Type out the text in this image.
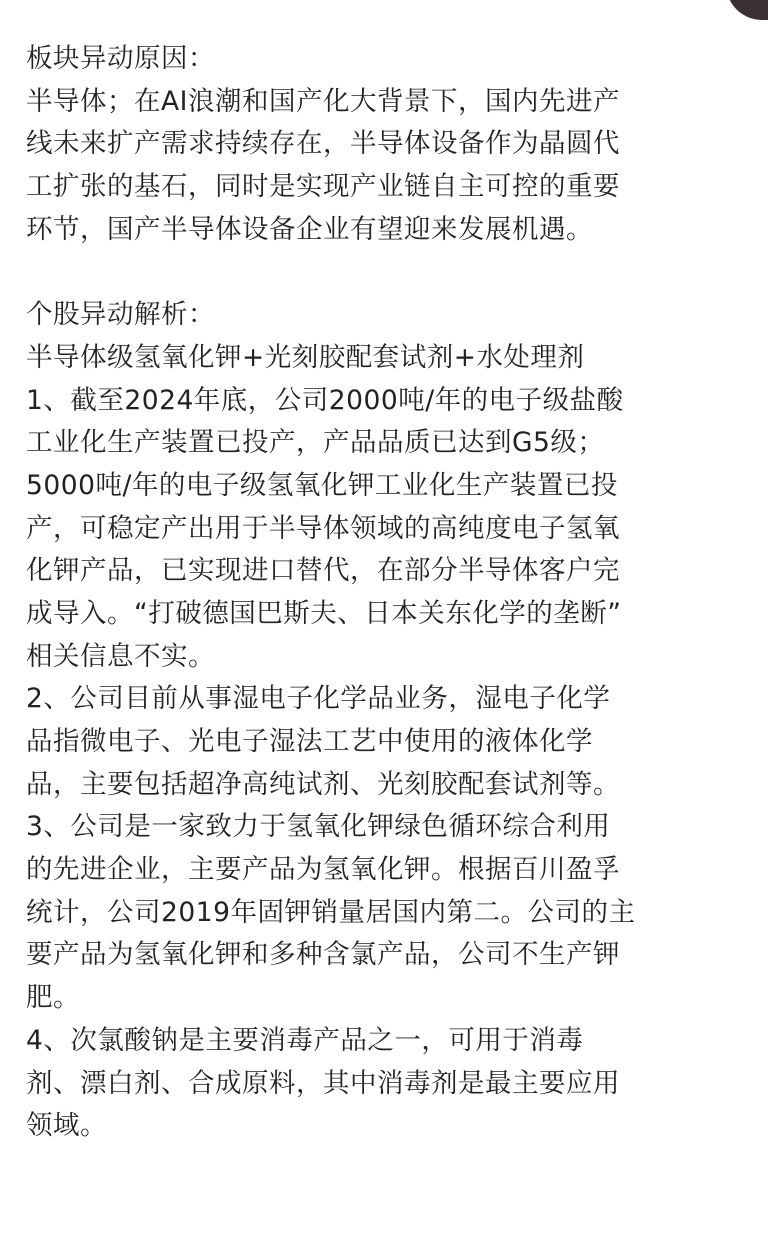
板块异动原因：
半导体；在AI浪潮和国产化大背景下，国内先进产
线未来扩产需求持续存在，半导体设备作为晶圆代
工扩张的基石，同时是实现产业链自主可控的重要
环节，国产半导体设备企业有望迎来发展机遇。
个股异动解析：
半导体级氢氧化钾+光刻胶配套试剂+水处理剂
1、截至2024年底，公司2000吨/年的电子级盐酸
工业化生产装置已投产，产品品质已达到G5级；
5000吨/年的电子级氢氧化钾工业化生产装置已投
产，可稳定产出用于半导体领域的高纯度电子氢氧
化钾产品，已实现进口替代，在部分半导体客户完
成导入。“打破德国巴斯夫、日本关东化学的垄断”
相关信息不实。
2、公司目前从事湿电子化学品业务，湿电子化学
品指微电子、光电子湿法工艺中使用的液体化学
品，主要包括超净高纯试剂、光刻胶配套试剂等。
3、公司是一家致力于氢氧化钾绿色循环综合利用
的先进企业，主要产品为氢氧化钾。根据百川盈孚
统计，公司2019年固钾销量居国内第二。公司的主
要产品为氢氧化钾和多种含氯产品，公司不生产钾
肥。
4、次氯酸钠是主要消毒产品之一，可用于消毒
剂、漂白剂、合成原料，其中消毒剂是最主要应用
领域。
